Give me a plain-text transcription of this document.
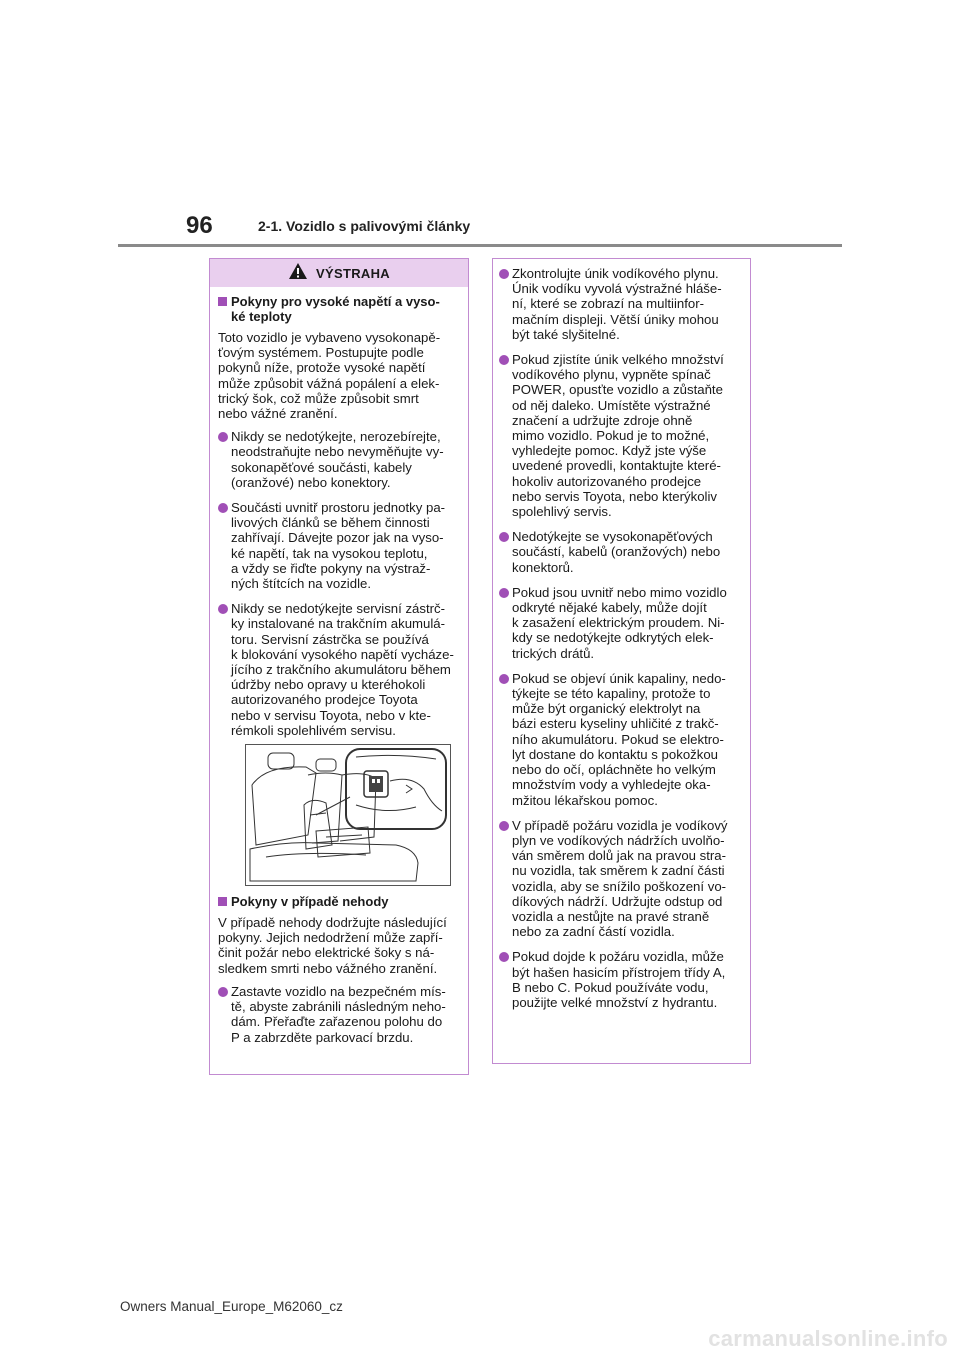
96	2-1. Vozidlo s palivovými články
VÝSTRAHA
Pokyny pro vysoké napětí a vyso-
ké teploty
Toto vozidlo je vybaveno vysokonapě-
ťovým systémem. Postupujte podle
pokynů níže, protože vysoké napětí
může způsobit vážná popálení a elek-
trický šok, což může způsobit smrt
nebo vážné zranění.
Nikdy se nedotýkejte, nerozebírejte,
neodstraňujte nebo nevyměňujte vy-
sokonapěťové součásti, kabely
(oranžové) nebo konektory.
Součásti uvnitř prostoru jednotky pa-
livových článků se během činnosti
zahřívají. Dávejte pozor jak na vyso-
ké napětí, tak na vysokou teplotu,
a vždy se řiďte pokyny na výstraž-
ných štítcích na vozidle.
Nikdy se nedotýkejte servisní zástrč-
ky instalované na trakčním akumulá-
toru. Servisní zástrčka se používá
k blokování vysokého napětí vycháze-
jícího z trakčního akumulátoru během
údržby nebo opravy u kteréhokoli
autorizovaného prodejce Toyota
nebo v servisu Toyota, nebo v kte-
rémkoli spolehlivém servisu.
Pokyny v případě nehody
V případě nehody dodržujte následující
pokyny. Jejich nedodržení může zapří-
činit požár nebo elektrické šoky s ná-
sledkem smrti nebo vážného zranění.
Zastavte vozidlo na bezpečném mís-
tě, abyste zabránili následným neho-
dám. Přeřaďte zařazenou polohu do
P a zabrzděte parkovací brzdu.
Zkontrolujte únik vodíkového plynu.
Únik vodíku vyvolá výstražné hláše-
ní, které se zobrazí na multiinfor-
mačním displeji. Větší úniky mohou
být také slyšitelné.
Pokud zjistíte únik velkého množství
vodíkového plynu, vypněte spínač
POWER, opusťte vozidlo a zůstaňte
od něj daleko. Umístěte výstražné
značení a udržujte zdroje ohně
mimo vozidlo. Pokud je to možné,
vyhledejte pomoc. Když jste výše
uvedené provedli, kontaktujte které-
hokoliv autorizovaného prodejce
nebo servis Toyota, nebo kterýkoliv
spolehlivý servis.
Nedotýkejte se vysokonapěťových
součástí, kabelů (oranžových) nebo
konektorů.
Pokud jsou uvnitř nebo mimo vozidlo
odkryté nějaké kabely, může dojít
k zasažení elektrickým proudem. Ni-
kdy se nedotýkejte odkrytých elek-
trických drátů.
Pokud se objeví únik kapaliny, nedo-
týkejte se této kapaliny, protože to
může být organický elektrolyt na
bázi esteru kyseliny uhličité z trakč-
ního akumulátoru. Pokud se elektro-
lyt dostane do kontaktu s pokožkou
nebo do očí, opláchněte ho velkým
množstvím vody a vyhledejte oka-
mžitou lékařskou pomoc.
V případě požáru vozidla je vodíkový
plyn ve vodíkových nádržích uvolňo-
ván směrem dolů jak na pravou stra-
nu vozidla, tak směrem k zadní části
vozidla, aby se snížilo poškození vo-
díkových nádrží. Udržujte odstup od
vozidla a nestůjte na pravé straně
nebo za zadní částí vozidla.
Pokud dojde k požáru vozidla, může
být hašen hasicím přístrojem třídy A,
B nebo C. Pokud používáte vodu,
použijte velké množství z hydrantu.
Owners Manual_Europe_M62060_cz
carmanualsonline.info
